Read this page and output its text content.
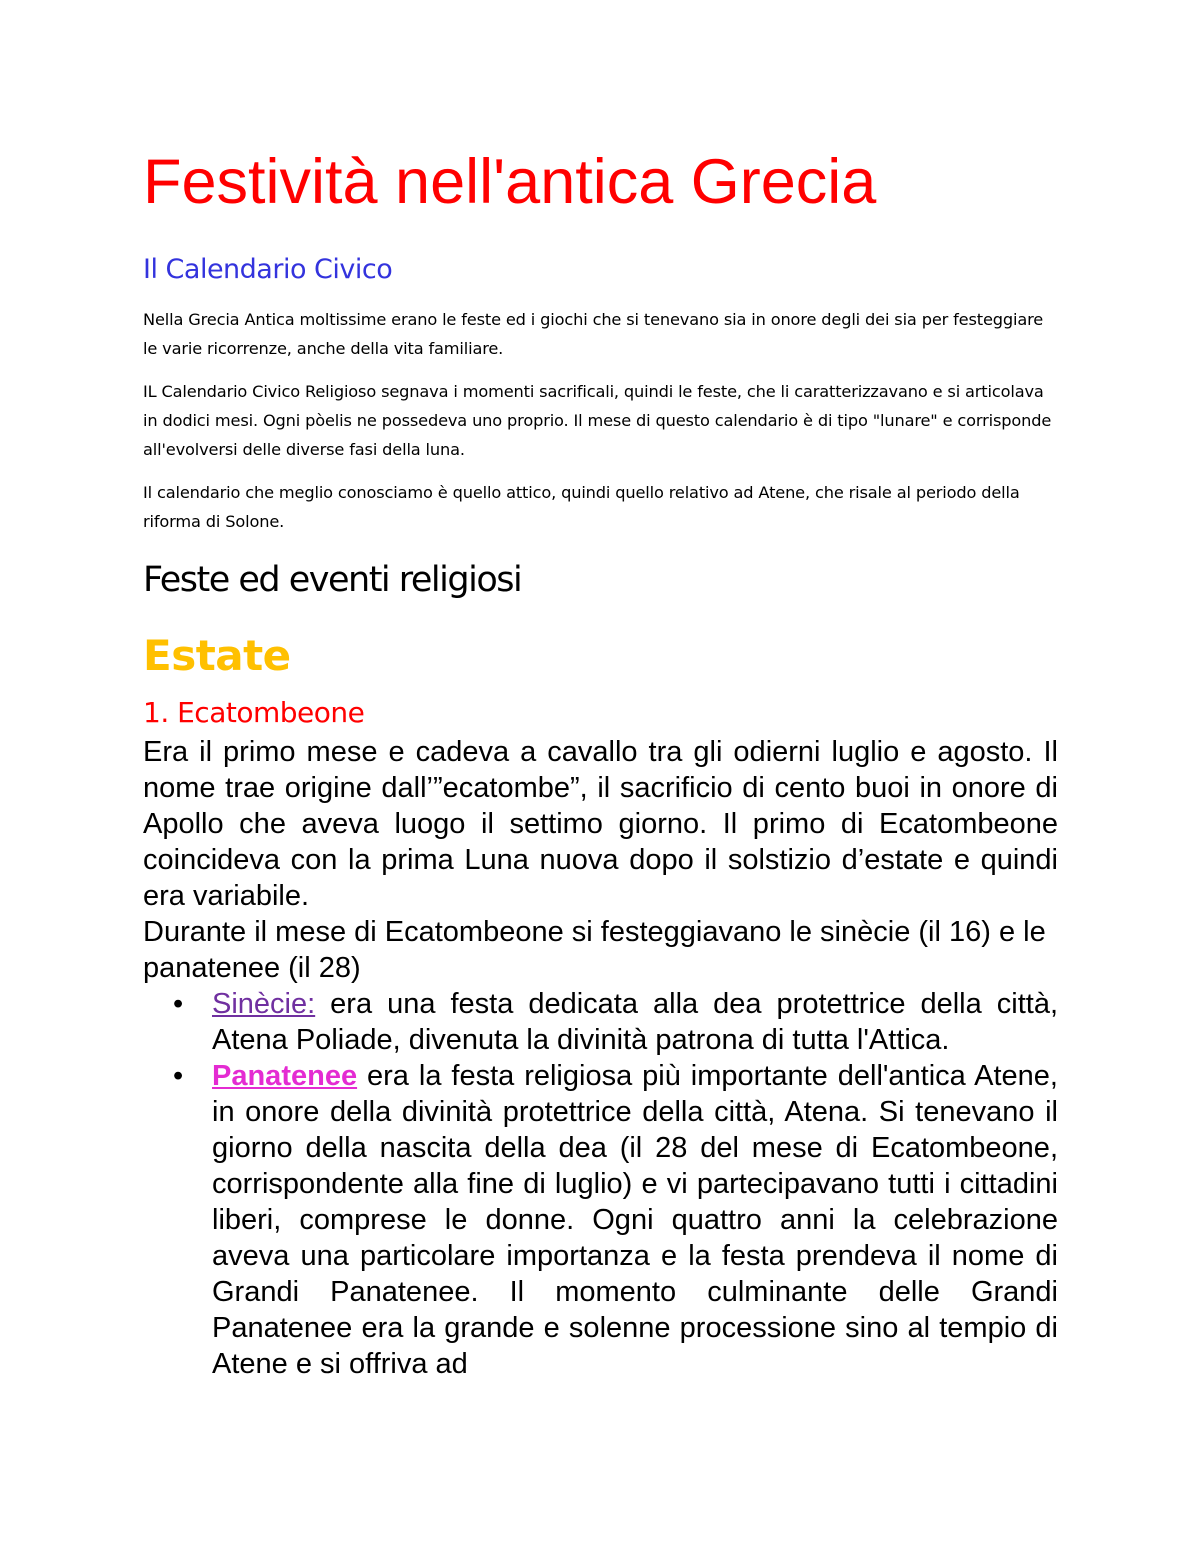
Festività nell'antica Grecia
Il Calendario Civico

Nella Grecia Antica moltissime erano le feste ed i giochi che si tenevano sia in onore degli dei sia per festeggiare le varie ricorrenze, anche della vita familiare.

IL Calendario Civico Religioso segnava i momenti sacrificali, quindi le feste, che li caratterizzavano e si articolava in dodici mesi. Ogni pòelis ne possedeva uno proprio. Il mese di questo calendario è di tipo "lunare" e corrisponde all'evolversi delle diverse fasi della luna.

Il calendario che meglio conosciamo è quello attico, quindi quello relativo ad Atene, che risale al periodo della riforma di Solone.

Feste ed eventi religiosi
Estate
1. Ecatombeone

Era il primo mese e cadeva a cavallo tra gli odierni luglio e agosto. Il nome trae origine dall’”ecatombe”, il sacrificio di cento buoi in onore di Apollo che aveva luogo il settimo giorno. Il primo di Ecatombeone coincideva con la prima Luna nuova dopo il solstizio d’estate e quindi era variabile.

Durante il mese di Ecatombeone si festeggiavano le sinècie (il 16) e le panatenee (il 28)

• Sinècie: era una festa dedicata alla dea protettrice della città, Atena Poliade, divenuta la divinità patrona di tutta l'Attica.
• Panatenee era la festa religiosa più importante dell'antica Atene, in onore della divinità protettrice della città, Atena. Si tenevano il giorno della nascita della dea (il 28 del mese di Ecatombeone, corrispondente alla fine di luglio) e vi partecipavano tutti i cittadini liberi, comprese le donne. Ogni quattro anni la celebrazione aveva una particolare importanza e la festa prendeva il nome di Grandi Panatenee. Il momento culminante delle Grandi Panatenee era la grande e solenne processione sino al tempio di Atene e si offriva ad
